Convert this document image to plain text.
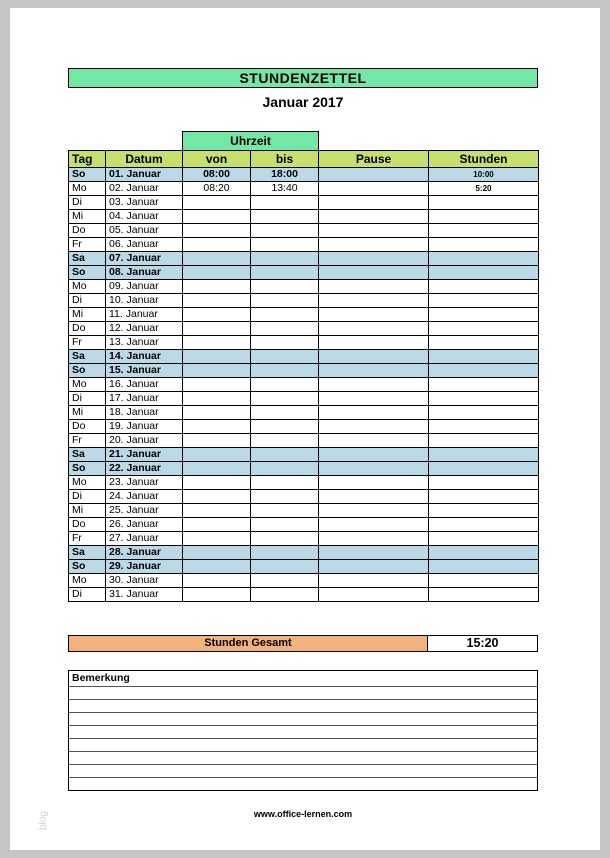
STUNDENZETTEL
Januar 2017
Uhrzeit
Tag	Datum	von	bis	Pause	Stunden
So	01. Januar	08:00	18:00		10:00
Mo	02. Januar	08:20	13:40		5:20
Di	03. Januar				
Mi	04. Januar				
Do	05. Januar				
Fr	06. Januar				
Sa	07. Januar				
So	08. Januar				
Mo	09. Januar				
Di	10. Januar				
Mi	11. Januar				
Do	12. Januar				
Fr	13. Januar				
Sa	14. Januar				
So	15. Januar				
Mo	16. Januar				
Di	17. Januar				
Mi	18. Januar				
Do	19. Januar				
Fr	20. Januar				
Sa	21. Januar				
So	22. Januar				
Mo	23. Januar				
Di	24. Januar				
Mi	25. Januar				
Do	26. Januar				
Fr	27. Januar				
Sa	28. Januar				
So	29. Januar				
Mo	30. Januar				
Di	31. Januar				
Stunden Gesamt	15:20
Bemerkung
www.office-lernen.com
blog
